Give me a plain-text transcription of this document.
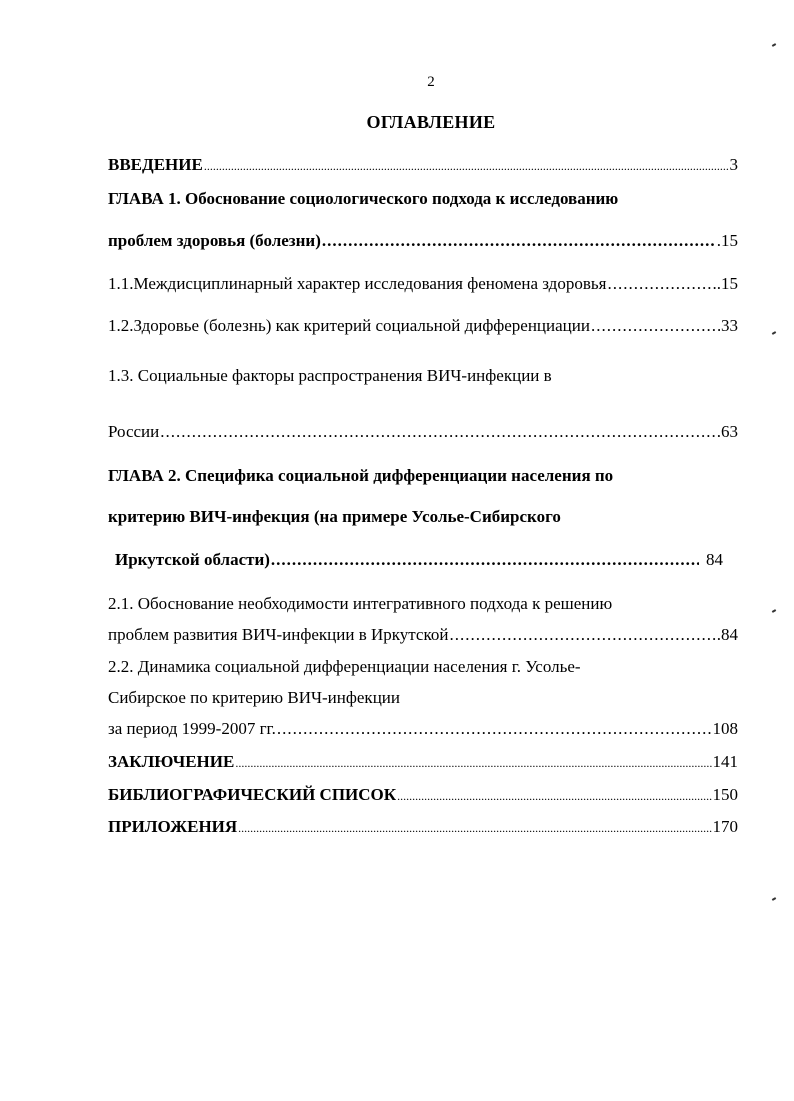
2
ОГЛАВЛЕНИЕ
ВВЕДЕНИЕ .....	3
ГЛАВА 1. Обоснование социологического подхода к исследованию
проблем здоровья (болезни) .....	.15
1.1.Междисциплинарный характер исследования феномена здоровья .....	..15
1.2.Здоровье (болезнь) как критерий социальной дифференциации .....	33
1.3. Социальные факторы распространения ВИЧ-инфекции в
России .....	63
ГЛАВА 2. Специфика социальной дифференциации населения по
критерию ВИЧ-инфекция (на примере Усолье-Сибирского
Иркутской области) .....	84
2.1. Обоснование необходимости интегративного подхода к решению
проблем развития ВИЧ-инфекции в Иркутской .....	.84
2.2. Динамика социальной дифференциации населения г. Усолье-
Сибирское по критерию ВИЧ-инфекции
за период 1999-2007 гг. .....	108
ЗАКЛЮЧЕНИЕ .....	141
БИБЛИОГРАФИЧЕСКИЙ СПИСОК .....	150
ПРИЛОЖЕНИЯ .....	170
